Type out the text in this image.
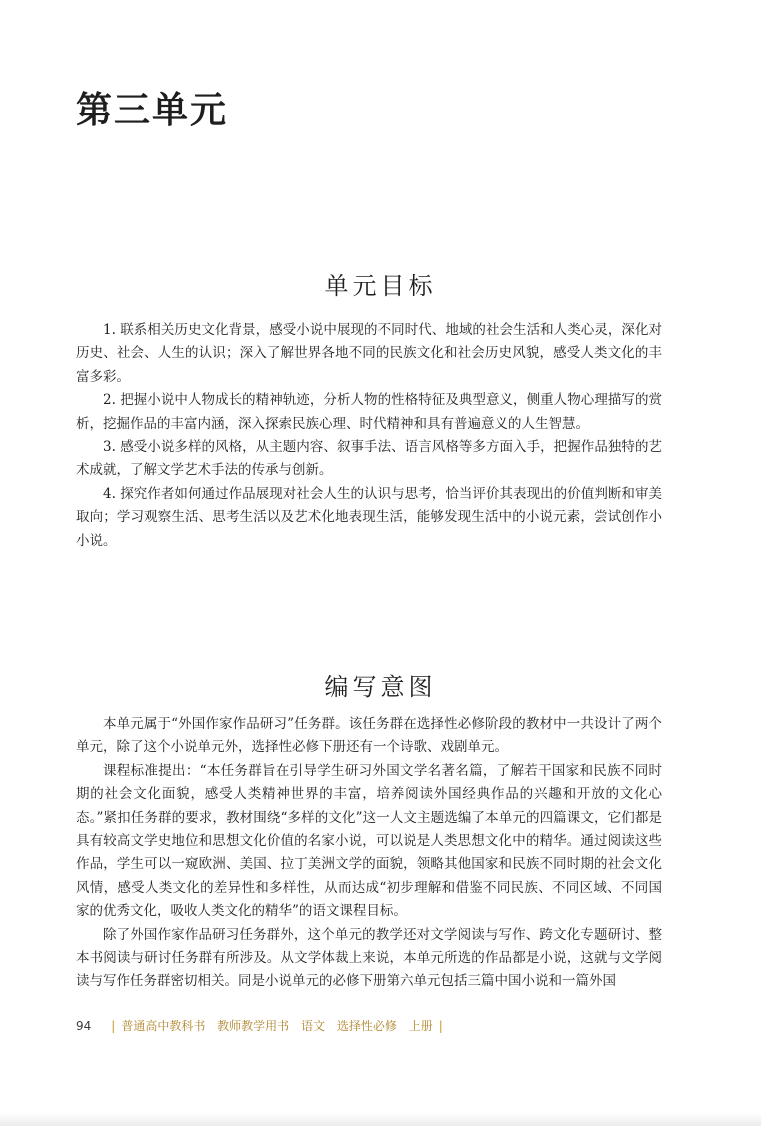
第三单元
单元目标

1. 联系相关历史文化背景，感受小说中展现的不同时代、地域的社会生活和人类心灵，深化对历史、社会、人生的认识；深入了解世界各地不同的民族文化和社会历史风貌，感受人类文化的丰富多彩。

2. 把握小说中人物成长的精神轨迹，分析人物的性格特征及典型意义，侧重人物心理描写的赏析，挖掘作品的丰富内涵，深入探索民族心理、时代精神和具有普遍意义的人生智慧。

3. 感受小说多样的风格，从主题内容、叙事手法、语言风格等多方面入手，把握作品独特的艺术成就，了解文学艺术手法的传承与创新。

4. 探究作者如何通过作品展现对社会人生的认识与思考，恰当评价其表现出的价值判断和审美取向；学习观察生活、思考生活以及艺术化地表现生活，能够发现生活中的小说元素，尝试创作小小说。

编写意图

本单元属于“外国作家作品研习”任务群。该任务群在选择性必修阶段的教材中一共设计了两个单元，除了这个小说单元外，选择性必修下册还有一个诗歌、戏剧单元。

课程标准提出：“本任务群旨在引导学生研习外国文学名著名篇，了解若干国家和民族不同时期的社会文化面貌，感受人类精神世界的丰富，培养阅读外国经典作品的兴趣和开放的文化心态。”紧扣任务群的要求，教材围绕“多样的文化”这一人文主题选编了本单元的四篇课文，它们都是具有较高文学史地位和思想文化价值的名家小说，可以说是人类思想文化中的精华。通过阅读这些作品，学生可以一窥欧洲、美国、拉丁美洲文学的面貌，领略其他国家和民族不同时期的社会文化风情，感受人类文化的差异性和多样性，从而达成“初步理解和借鉴不同民族、不同区域、不同国家的优秀文化，吸收人类文化的精华”的语文课程目标。

除了外国作家作品研习任务群外，这个单元的教学还对文学阅读与写作、跨文化专题研讨、整本书阅读与研讨任务群有所涉及。从文学体裁上来说，本单元所选的作品都是小说，这就与文学阅读与写作任务群密切相关。同是小说单元的必修下册第六单元包括三篇中国小说和一篇外国

94 | 普通高中教科书
教师教学用书
语文
选择性必修
上册 |
